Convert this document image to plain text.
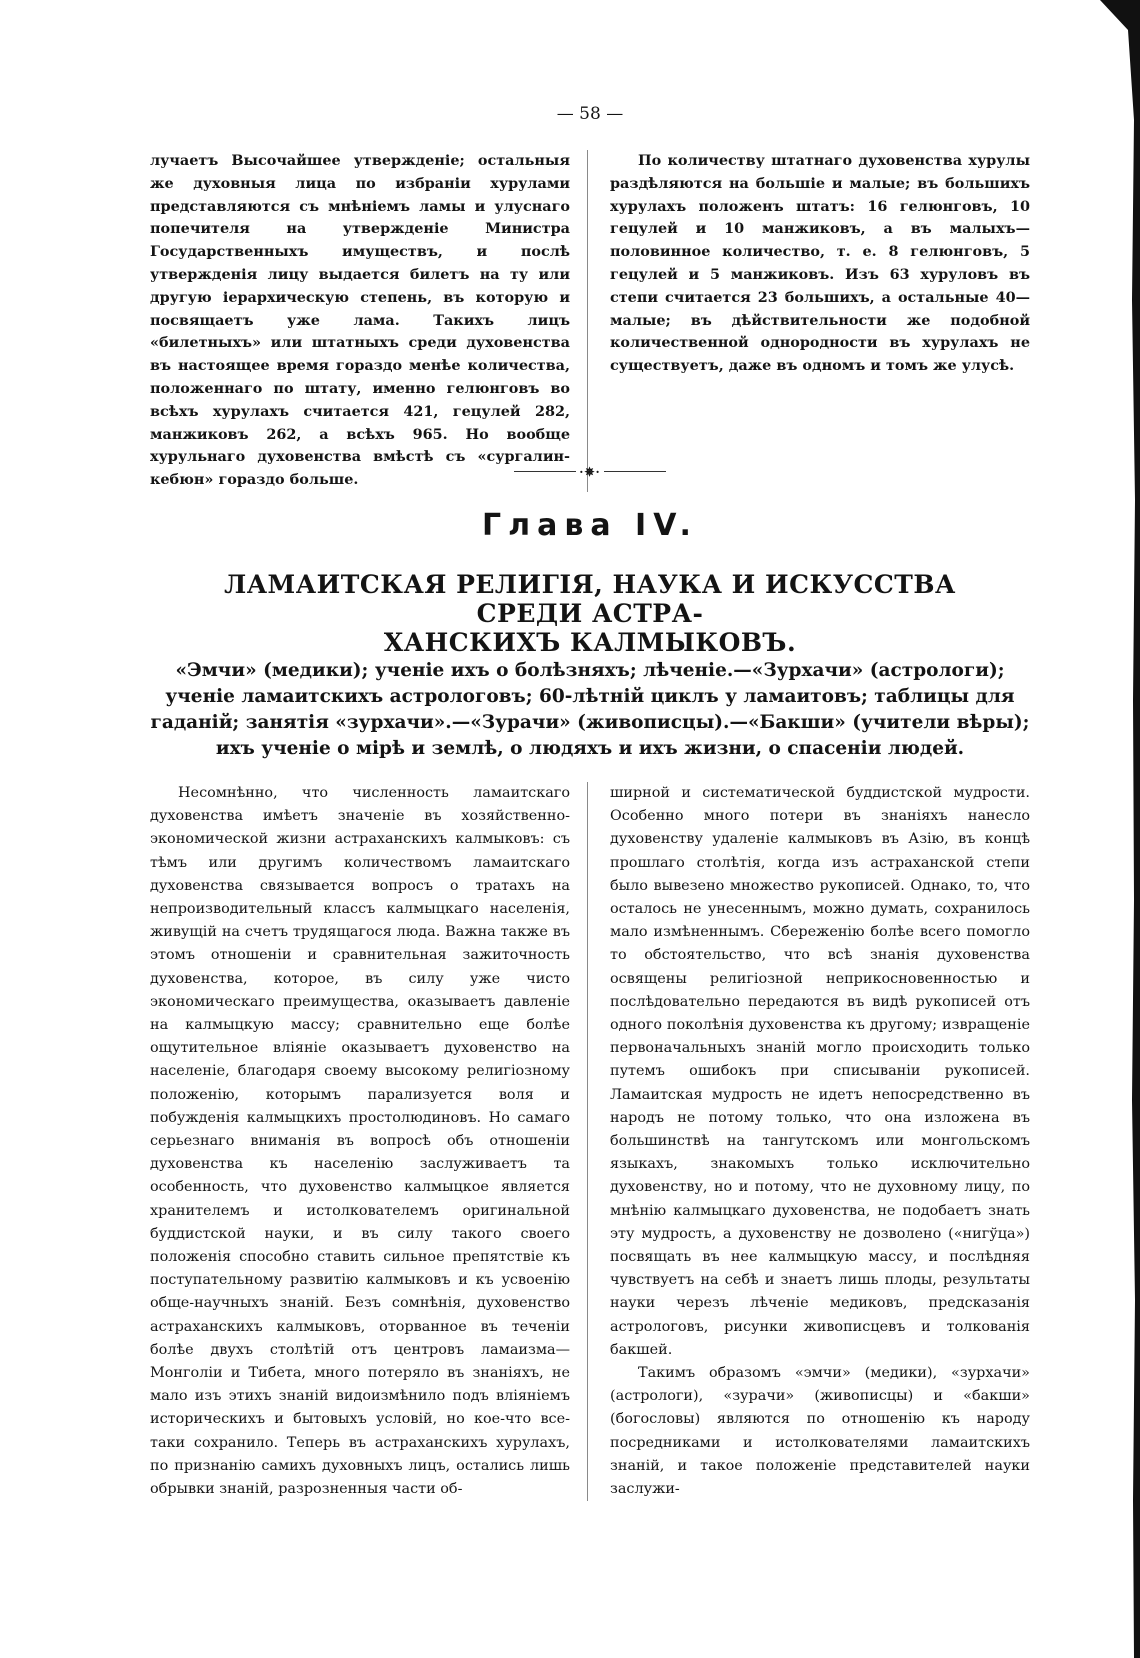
— 58 —

лучаетъ Высочайшее утвержденіе; остальныя же духовныя лица по избраніи хурулами представляются съ мнѣніемъ ламы и улуснаго попечителя на утвержденіе Министра Государственныхъ имуществъ, и послѣ утвержденія лицу выдается билетъ на ту или другую іерархическую степень, въ которую и посвящаетъ уже лама. Такихъ лицъ «билетныхъ» или штатныхъ среди духовенства въ настоящее время гораздо менѣе количества, положеннаго по штату, именно гелюнговъ во всѣхъ хурулахъ считается 421, гецулей 282, манжиковъ 262, а всѣхъ 965. Но вообще хурульнаго духовенства вмѣстѣ съ «сургалин-кебюн» гораздо больше.

По количеству штатнаго духовенства хурулы раздѣляются на большіе и малые; въ большихъ хурулахъ положенъ штатъ: 16 гелюнговъ, 10 гецулей и 10 манжиковъ, а въ малыхъ—половинное количество, т. е. 8 гелюнговъ, 5 гецулей и 5 манжиковъ. Изъ 63 хуруловъ въ степи считается 23 большихъ, а остальные 40—малые; въ дѣйствительности же подобной количественной однородности въ хурулахъ не существуетъ, даже въ одномъ и томъ же улусѣ.

·✵·
Глава IV.
ЛАМАИТСКАЯ РЕЛИГІЯ, НАУКА И ИСКУССТВА СРЕДИ АСТРА-
ХАНСКИХЪ КАЛМЫКОВЪ.
«Эмчи» (медики); ученіе ихъ о болѣзняхъ; лѣченіе.—«Зурхачи» (астрологи); ученіе ламаитскихъ астрологовъ; 60-лѣтній циклъ у ламаитовъ; таблицы для гаданій; занятія «зурхачи».—«Зурачи» (живописцы).—«Бакши» (учители вѣры); ихъ ученіе о мірѣ и землѣ, о людяхъ и ихъ жизни, о спасеніи людей.

Несомнѣнно, что численность ламаитскаго духовенства имѣетъ значеніе въ хозяйственно-экономической жизни астраханскихъ калмыковъ: съ тѣмъ или другимъ количествомъ ламаитскаго духовенства связывается вопросъ о тратахъ на непроизводительный классъ калмыцкаго населенія, живущій на счетъ трудящагося люда. Важна также въ этомъ отношеніи и сравнительная зажиточность духовенства, которое, въ силу уже чисто экономическаго преимущества, оказываетъ давленіе на калмыцкую массу; сравнительно еще болѣе ощутительное вліяніе оказываетъ духовенство на населеніе, благодаря своему высокому религіозному положенію, которымъ парализуется воля и побужденія калмыцкихъ простолюдиновъ. Но самаго серьезнаго вниманія въ вопросѣ объ отношеніи духовенства къ населенію заслуживаетъ та особенность, что духовенство калмыцкое является хранителемъ и истолкователемъ оригинальной буддистской науки, и въ силу такого своего положенія способно ставить сильное препятствіе къ поступательному развитію калмыковъ и къ усвоенію обще-научныхъ знаній. Безъ сомнѣнія, духовенство астраханскихъ калмыковъ, оторванное въ теченіи болѣе двухъ столѣтій отъ центровъ ламаизма—Монголіи и Тибета, много потеряло въ знаніяхъ, не мало изъ этихъ знаній видоизмѣнило подъ вліяніемъ историческихъ и бытовыхъ условій, но кое-что все-таки сохранило. Теперь въ астраханскихъ хурулахъ, по признанію самихъ духовныхъ лицъ, остались лишь обрывки знаній, разрозненныя части об-

ширной и систематической буддистской мудрости. Особенно много потери въ знаніяхъ нанесло духовенству удаленіе калмыковъ въ Азію, въ концѣ прошлаго столѣтія, когда изъ астраханской степи было вывезено множество рукописей. Однако, то, что осталось не унесеннымъ, можно думать, сохранилось мало измѣненнымъ. Сбереженію болѣе всего помогло то обстоятельство, что всѣ знанія духовенства освящены религіозной неприкосновенностью и послѣдовательно передаются въ видѣ рукописей отъ одного поколѣнія духовенства къ другому; извращеніе первоначальныхъ знаній могло происходить только путемъ ошибокъ при списываніи рукописей. Ламаитская мудрость не идетъ непосредственно въ народъ не потому только, что она изложена въ большинствѣ на тангутскомъ или монгольскомъ языкахъ, знакомыхъ только исключительно духовенству, но и потому, что не духовному лицу, по мнѣнію калмыцкаго духовенства, не подобаетъ знать эту мудрость, а духовенству не дозволено («нигўца») посвящать въ нее калмыцкую массу, и послѣдняя чувствуетъ на себѣ и знаетъ лишь плоды, результаты науки черезъ лѣченіе медиковъ, предсказанія астрологовъ, рисунки живописцевъ и толкованія бакшей.

Такимъ образомъ «эмчи» (медики), «зурхачи» (астрологи), «зурачи» (живописцы) и «бакши» (богословы) являются по отношенію къ народу посредниками и истолкователями ламаитскихъ знаній, и такое положеніе представителей науки заслужи-
